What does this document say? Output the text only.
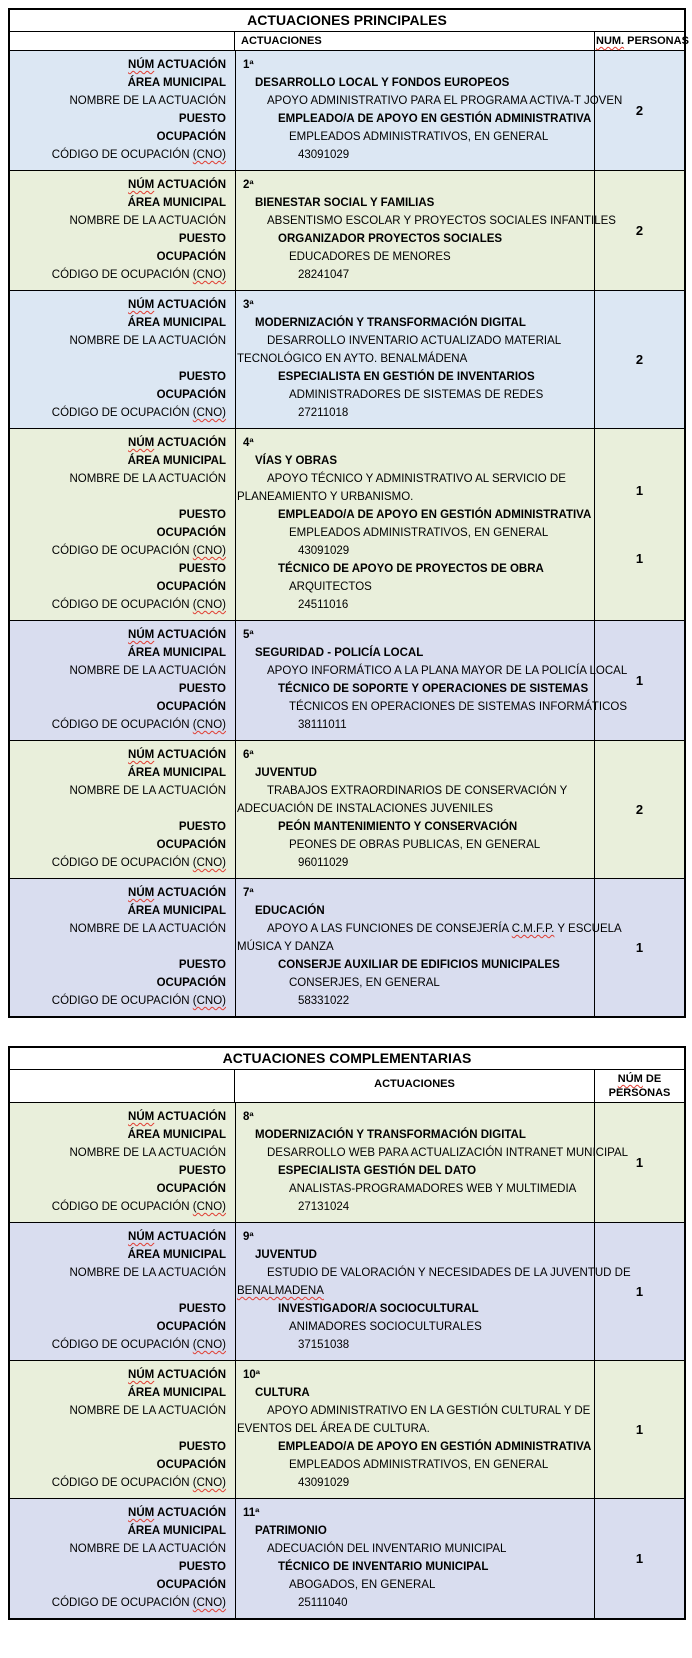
ACTUACIONES PRINCIPALES
ACTUACIONES	NUM. PERSONAS
NÚM ACTUACIÓN	1ª
ÁREA MUNICIPAL	DESARROLLO LOCAL Y FONDOS EUROPEOS
NOMBRE DE LA ACTUACIÓN	APOYO ADMINISTRATIVO PARA EL PROGRAMA ACTIVA-T JOVEN
PUESTO	EMPLEADO/A DE APOYO EN GESTIÓN ADMINISTRATIVA
OCUPACIÓN	EMPLEADOS ADMINISTRATIVOS, EN GENERAL
CÓDIGO DE OCUPACIÓN (CNO)	43091029
2
NÚM ACTUACIÓN	2ª
ÁREA MUNICIPAL	BIENESTAR SOCIAL Y FAMILIAS
NOMBRE DE LA ACTUACIÓN	ABSENTISMO ESCOLAR Y PROYECTOS SOCIALES INFANTILES
PUESTO	ORGANIZADOR PROYECTOS SOCIALES
OCUPACIÓN	EDUCADORES DE MENORES
CÓDIGO DE OCUPACIÓN (CNO)	28241047
2
NÚM ACTUACIÓN	3ª
ÁREA MUNICIPAL	MODERNIZACIÓN Y TRANSFORMACIÓN DIGITAL
NOMBRE DE LA ACTUACIÓN	DESARROLLO INVENTARIO ACTUALIZADO MATERIAL
TECNOLÓGICO EN AYTO. BENALMÁDENA
PUESTO	ESPECIALISTA EN GESTIÓN DE INVENTARIOS
OCUPACIÓN	ADMINISTRADORES DE SISTEMAS DE REDES
CÓDIGO DE OCUPACIÓN (CNO)	27211018
2
NÚM ACTUACIÓN	4ª
ÁREA MUNICIPAL	VÍAS Y OBRAS
NOMBRE DE LA ACTUACIÓN	APOYO TÉCNICO Y ADMINISTRATIVO AL SERVICIO DE
PLANEAMIENTO Y URBANISMO.
PUESTO	EMPLEADO/A DE APOYO EN GESTIÓN ADMINISTRATIVA
OCUPACIÓN	EMPLEADOS ADMINISTRATIVOS, EN GENERAL
CÓDIGO DE OCUPACIÓN (CNO)	43091029
PUESTO	TÉCNICO DE APOYO DE PROYECTOS DE OBRA
OCUPACIÓN	ARQUITECTOS
CÓDIGO DE OCUPACIÓN (CNO)	24511016
1
1
NÚM ACTUACIÓN	5ª
ÁREA MUNICIPAL	SEGURIDAD - POLICÍA LOCAL
NOMBRE DE LA ACTUACIÓN	APOYO INFORMÁTICO A LA PLANA MAYOR DE LA POLICÍA LOCAL
PUESTO	TÉCNICO DE SOPORTE Y OPERACIONES DE SISTEMAS
OCUPACIÓN	TÉCNICOS EN OPERACIONES DE SISTEMAS INFORMÁTICOS
CÓDIGO DE OCUPACIÓN (CNO)	38111011
1
NÚM ACTUACIÓN	6ª
ÁREA MUNICIPAL	JUVENTUD
NOMBRE DE LA ACTUACIÓN	TRABAJOS EXTRAORDINARIOS DE CONSERVACIÓN Y
ADECUACIÓN DE INSTALACIONES JUVENILES
PUESTO	PEÓN MANTENIMIENTO Y CONSERVACIÓN
OCUPACIÓN	PEONES DE OBRAS PUBLICAS, EN GENERAL
CÓDIGO DE OCUPACIÓN (CNO)	96011029
2
NÚM ACTUACIÓN	7ª
ÁREA MUNICIPAL	EDUCACIÓN
NOMBRE DE LA ACTUACIÓN	APOYO A LAS FUNCIONES DE CONSEJERÍA C.M.F.P. Y ESCUELA
MÚSICA Y DANZA
PUESTO	CONSERJE AUXILIAR DE EDIFICIOS MUNICIPALES
OCUPACIÓN	CONSERJES, EN GENERAL
CÓDIGO DE OCUPACIÓN (CNO)	58331022
1
ACTUACIONES COMPLEMENTARIAS
ACTUACIONES	NÚM DE
PERSONAS
NÚM ACTUACIÓN	8ª
ÁREA MUNICIPAL	MODERNIZACIÓN Y TRANSFORMACIÓN DIGITAL
NOMBRE DE LA ACTUACIÓN	DESARROLLO WEB PARA ACTUALIZACIÓN INTRANET MUNICIPAL
PUESTO	ESPECIALISTA GESTIÓN DEL DATO
OCUPACIÓN	ANALISTAS-PROGRAMADORES WEB Y MULTIMEDIA
CÓDIGO DE OCUPACIÓN (CNO)	27131024
1
NÚM ACTUACIÓN	9ª
ÁREA MUNICIPAL	JUVENTUD
NOMBRE DE LA ACTUACIÓN	ESTUDIO DE VALORACIÓN Y NECESIDADES DE LA JUVENTUD DE
BENALMADENA
PUESTO	INVESTIGADOR/A SOCIOCULTURAL
OCUPACIÓN	ANIMADORES SOCIOCULTURALES
CÓDIGO DE OCUPACIÓN (CNO)	37151038
1
NÚM ACTUACIÓN	10ª
ÁREA MUNICIPAL	CULTURA
NOMBRE DE LA ACTUACIÓN	APOYO ADMINISTRATIVO EN LA GESTIÓN CULTURAL Y DE
EVENTOS DEL ÁREA DE CULTURA.
PUESTO	EMPLEADO/A DE APOYO EN GESTIÓN ADMINISTRATIVA
OCUPACIÓN	EMPLEADOS ADMINISTRATIVOS, EN GENERAL
CÓDIGO DE OCUPACIÓN (CNO)	43091029
1
NÚM ACTUACIÓN	11ª
ÁREA MUNICIPAL	PATRIMONIO
NOMBRE DE LA ACTUACIÓN	ADECUACIÓN DEL INVENTARIO MUNICIPAL
PUESTO	TÉCNICO DE INVENTARIO MUNICIPAL
OCUPACIÓN	ABOGADOS, EN GENERAL
CÓDIGO DE OCUPACIÓN (CNO)	25111040
1
